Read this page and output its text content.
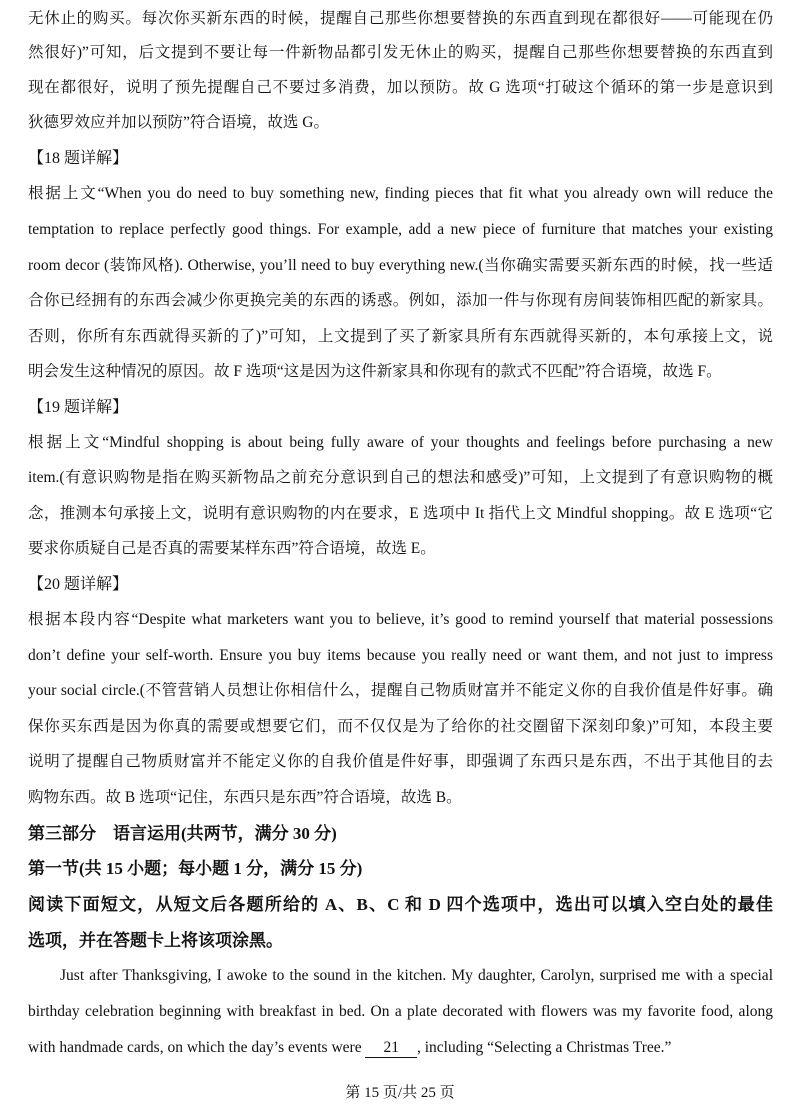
无休止的购买。每次你买新东西的时候，提醒自己那些你想要替换的东西直到现在都很好——可能现在仍
然很好)”可知，后文提到不要让每一件新物品都引发无休止的购买，提醒自己那些你想要替换的东西直到
现在都很好，说明了预先提醒自己不要过多消费，加以预防。故 G 选项“打破这个循环的第一步是意识到
狄德罗效应并加以预防”符合语境，故选 G。
【18 题详解】
根据上文“When you do need to buy something new, finding pieces that fit what you already own will reduce the
temptation to replace perfectly good things. For example, add a new piece of furniture that matches your existing
room decor (装饰风格). Otherwise, you’ll need to buy everything new.(当你确实需要买新东西的时候，找一些适
合你已经拥有的东西会减少你更换完美的东西的诱惑。例如，添加一件与你现有房间装饰相匹配的新家具。
否则，你所有东西就得买新的了)”可知，上文提到了买了新家具所有东西就得买新的，本句承接上文，说
明会发生这种情况的原因。故 F 选项“这是因为这件新家具和你现有的款式不匹配”符合语境，故选 F。
【19 题详解】
根据上文“Mindful shopping is about being fully aware of your thoughts and feelings before purchasing a new
item.(有意识购物是指在购买新物品之前充分意识到自己的想法和感受)”可知，上文提到了有意识购物的概
念，推测本句承接上文，说明有意识购物的内在要求，E 选项中 It 指代上文 Mindful shopping。故 E 选项“它
要求你质疑自己是否真的需要某样东西”符合语境，故选 E。
【20 题详解】
根据本段内容“Despite what marketers want you to believe, it’s good to remind yourself that material possessions
don’t define your self-worth. Ensure you buy items because you really need or want them, and not just to impress
your social circle.(不管营销人员想让你相信什么，提醒自己物质财富并不能定义你的自我价值是件好事。确
保你买东西是因为你真的需要或想要它们，而不仅仅是为了给你的社交圈留下深刻印象)”可知，本段主要
说明了提醒自己物质财富并不能定义你的自我价值是件好事，即强调了东西只是东西，不出于其他目的去
购物东西。故 B 选项“记住，东西只是东西”符合语境，故选 B。
第三部分　语言运用(共两节，满分 30 分)
第一节(共 15 小题；每小题 1 分，满分 15 分)
阅读下面短文，从短文后各题所给的 A、B、C 和 D 四个选项中，选出可以填入空白处的最佳
选项，并在答题卡上将该项涂黑。
Just after Thanksgiving, I awoke to the sound in the kitchen. My daughter, Carolyn, surprised me with a special
birthday celebration beginning with breakfast in bed. On a plate decorated with flowers was my favorite food, along
with handmade cards, on which the day’s events were 21 , including “Selecting a Christmas Tree.”
第 15 页/共 25 页
